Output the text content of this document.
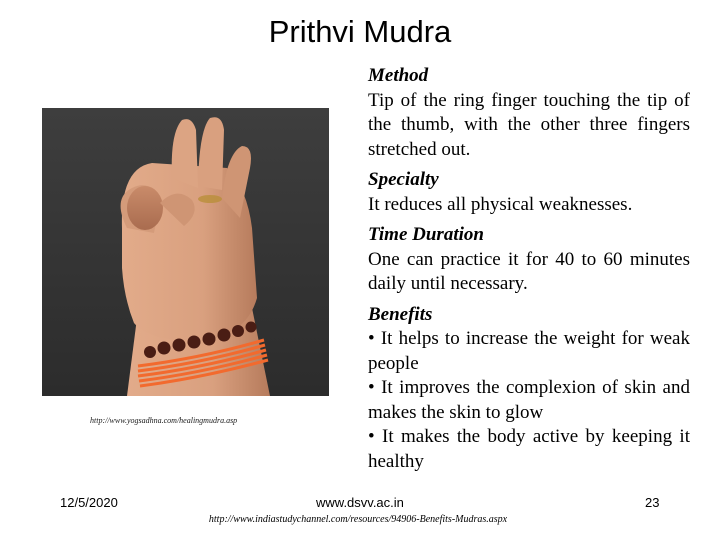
Prithvi Mudra
http://www.yogsadhna.com/healingmudra.asp
Method
Tip of the ring finger touching the tip of the thumb, with the other three fingers stretched out.
Specialty
It reduces all physical weaknesses.
Time Duration
One can practice it for 40 to 60 minutes daily until necessary.
Benefits
• It helps to increase the weight for weak people
• It improves the complexion of skin and makes the skin to glow
• It makes the body active by keeping it healthy
12/5/2020	www.dsvv.ac.in	23
http://www.indiastudychannel.com/resources/94906-Benefits-Mudras.aspx
